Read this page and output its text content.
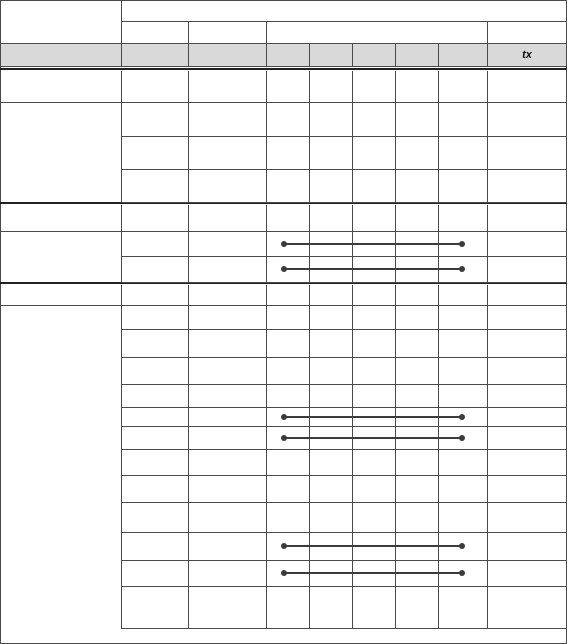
tx
